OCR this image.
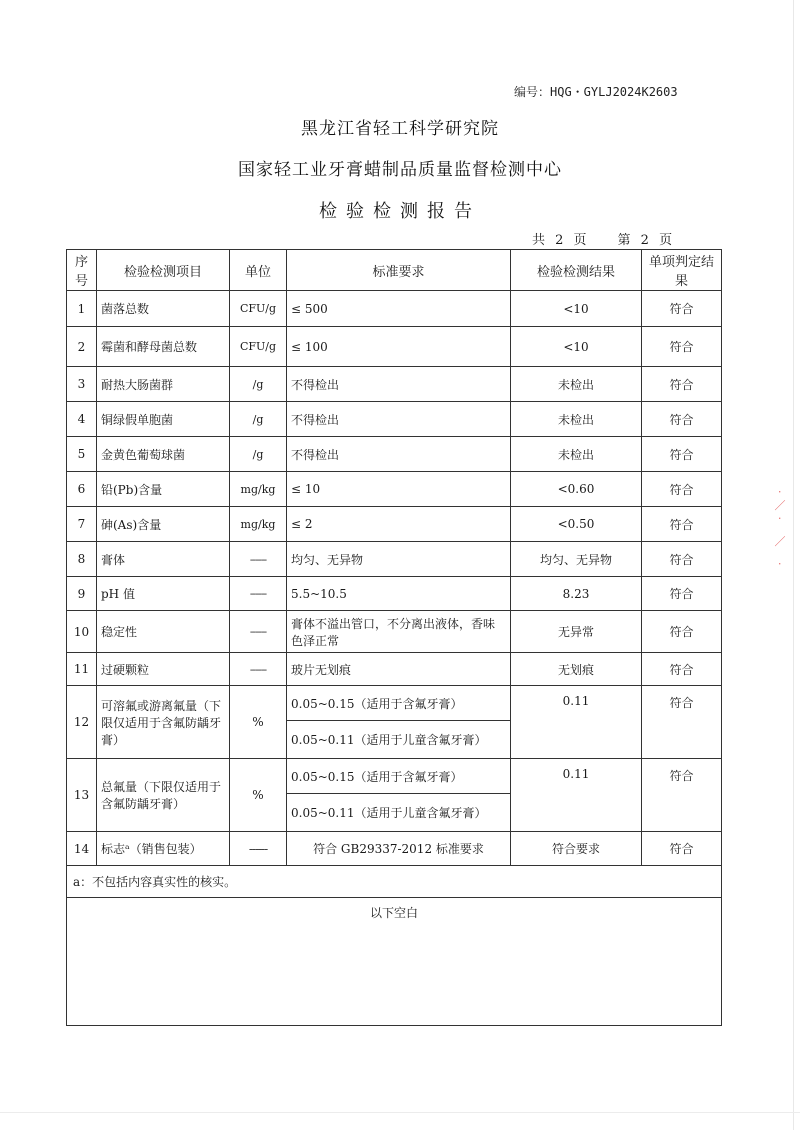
编号：HQG・GYLJ2024K2603
黑龙江省轻工科学研究院
国家轻工业牙膏蜡制品质量监督检测中心
检验检测报告
共 2 页 第 2 页
·／· ／ ·
序号	检验检测项目	单位	标准要求	检验检测结果	单项判定结果
1	菌落总数	CFU/g	≤ 500	<10	符合
2	霉菌和酵母菌总数	CFU/g	≤ 100	<10	符合
3	耐热大肠菌群	/g	不得检出	未检出	符合
4	铜绿假单胞菌	/g	不得检出	未检出	符合
5	金黄色葡萄球菌	/g	不得检出	未检出	符合
6	铅(Pb)含量	mg/kg	≤ 10	<0.60	符合
7	砷(As)含量	mg/kg	≤ 2	<0.50	符合
8	膏体	------	均匀、无异物	均匀、无异物	符合
9	pH 值	------	5.5~10.5	8.23	符合
10	稳定性	------	膏体不溢出管口，不分离出液体，香味色泽正常	无异常	符合
11	过硬颗粒	------	玻片无划痕	无划痕	符合
12	可溶氟或游离氟量（下限仅适用于含氟防龋牙膏）	%	0.05~0.15（适用于含氟牙膏）	0.11	符合
			0.05~0.11（适用于儿童含氟牙膏）		
13	总氟量（下限仅适用于含氟防龋牙膏）	%	0.05~0.15（适用于含氟牙膏）	0.11	符合
			0.05~0.11（适用于儿童含氟牙膏）		
14	标志ᵃ（销售包装）	------	符合 GB29337-2012 标准要求	符合要求	符合
a：不包括内容真实性的核实。					
以下空白					
